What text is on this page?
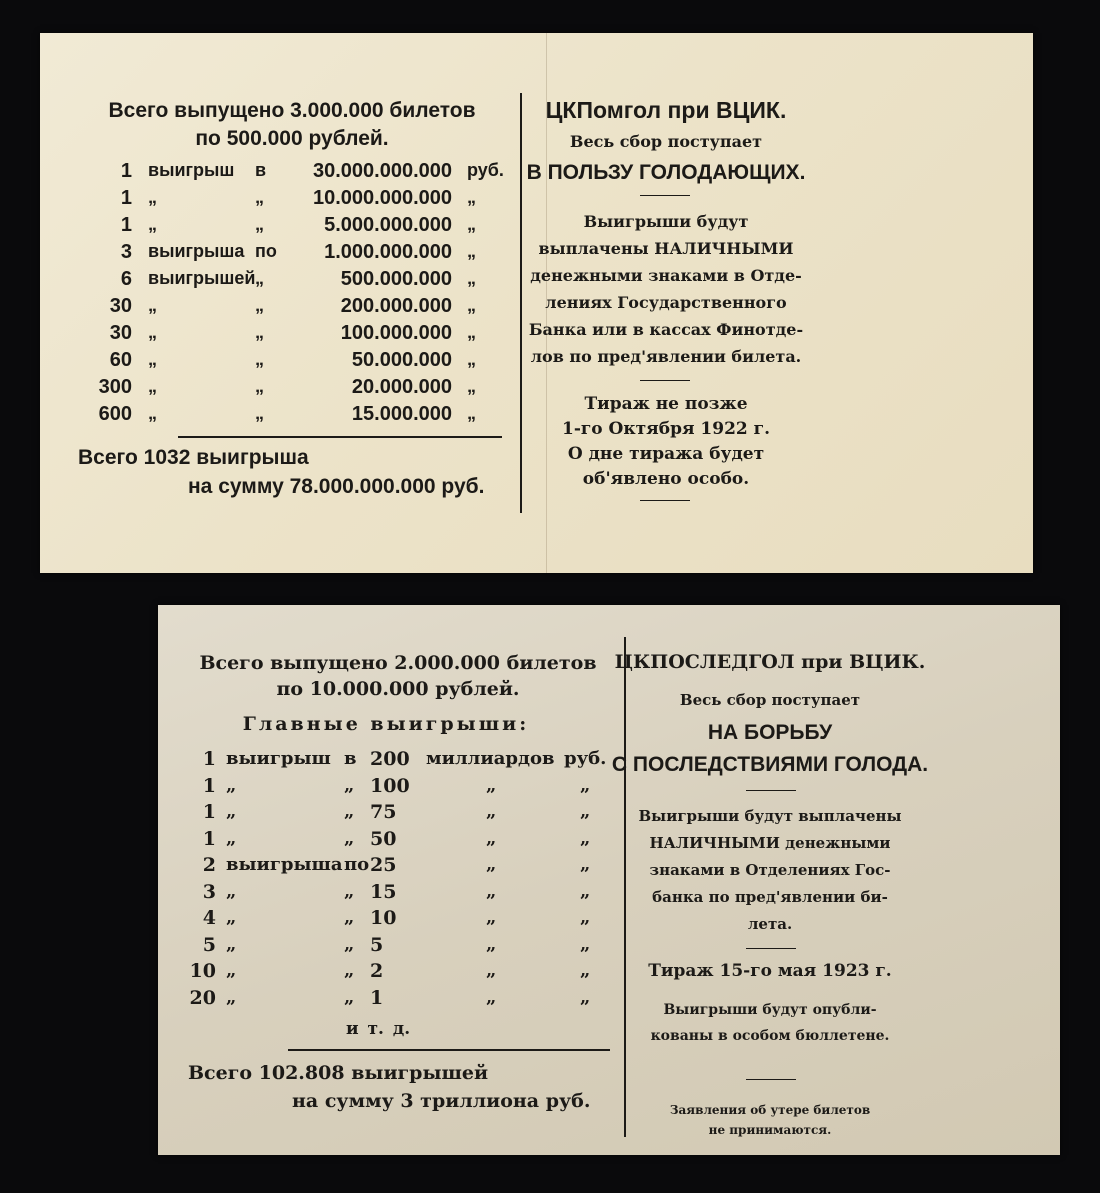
Всего выпущено 3.000.000 билетов
по 500.000 рублей.
1 выигрыш в	30.000.000.000 руб.
1 „	„	10.000.000.000 „
1 „	„	5.000.000.000 „
3 выигрыша по	1.000.000.000 „
6 выигрышей „	500.000.000 „
30 „	„	200.000.000 „
30 „	„	100.000.000 „
60 „	„	50.000.000 „
300 „	„	20.000.000 „
600 „	„	15.000.000 „
Всего 1032 выигрыша
на сумму 78.000.000.000 руб.
ЦКПомгол при ВЦИК.
Весь сбор поступает
В ПОЛЬЗУ ГОЛОДАЮЩИХ.
Выигрыши будут
выплачены НАЛИЧНЫМИ
денежными знаками в Отде-
лениях Государственного
Банка или в кассах Финотде-
лов по пред'явлении билета.
Тираж не позже
1-го Октября 1922 г.
О дне тиража будет
об'явлено особо.
Всего выпущено 2.000.000 билетов
по 10.000.000 рублей.
Главные выигрыши:
1 выигрыш в 200 миллиардов руб.
1 „	„ 100	„	„
1 „	„ 75	„	„
1 „	„ 50	„	„
2 выигрыша по 25	„	„
3 „	„ 15	„	„
4 „	„ 10	„	„
5 „	„ 5	„	„
10 „	„ 2	„	„
20 „	„ 1	„	„
и т. д.
Всего 102.808 выигрышей
на сумму 3 триллиона руб.
ЦКПОСЛЕДГОЛ при ВЦИК.
Весь сбор поступает
НА БОРЬБУ
С ПОСЛЕДСТВИЯМИ ГОЛОДА.
Выигрыши будут выплачены
НАЛИЧНЫМИ денежными
знаками в Отделениях Гос-
банка по пред'явлении би-
лета.
Тираж 15-го мая 1923 г.
Выигрыши будут опубли-
кованы в особом бюллетене.
Заявления об утере билетов
не принимаются.
